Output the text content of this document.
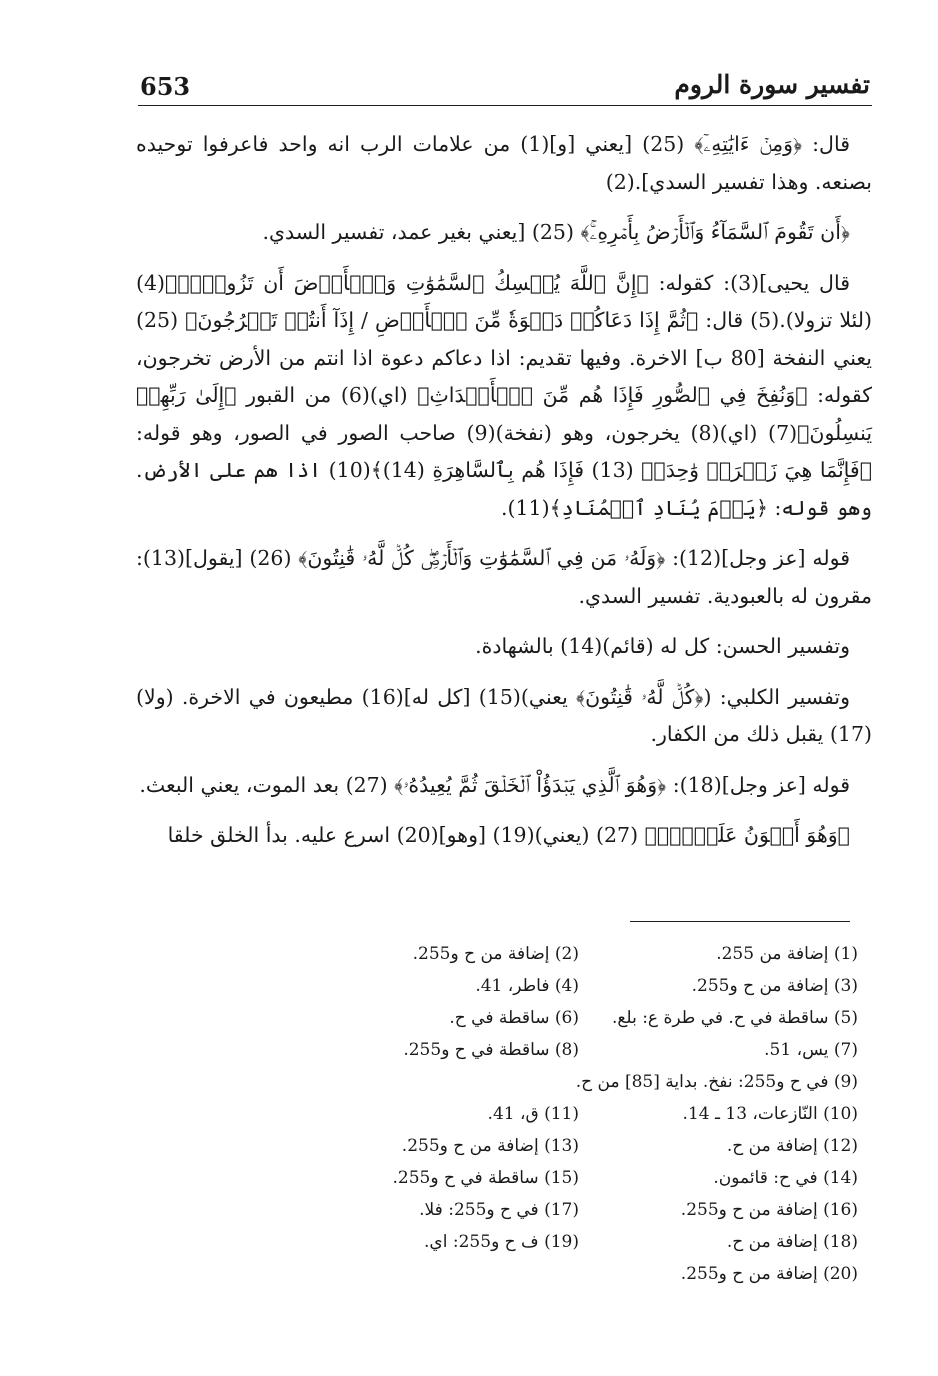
653	تفسير سورة الروم

قال: ﴿وَمِنۡ ءَايَٰتِهِۦٓ﴾ (25) [يعني [و](1) من علامات الرب انه واحد فاعرفوا توحيده بصنعه. وهذا تفسير السدي].(2)

﴿أَن تَقُومَ ٱلسَّمَآءُ وَٱلۡأَرۡضُ بِأَمۡرِهِۦۚ﴾ (25) [يعني بغير عمد، تفسير السدي.

قال يحيى](3): كقوله: ﴿إِنَّ ٱللَّهَ يُمۡسِكُ ٱلسَّمَٰوَٰتِ وَٱلۡأَرۡضَ أَن تَزُولَاۚ﴾(4) (لئلا تزولا).(5) قال: ﴿ثُمَّ إِذَا دَعَاكُمۡ دَعۡوَةٗ مِّنَ ٱلۡأَرۡضِ / إِذَآ أَنتُمۡ تَخۡرُجُونَ﴾ (25) يعني النفخة [80 ب] الاخرة. وفيها تقديم: اذا دعاكم دعوة اذا انتم من الأرض تخرجون، كقوله: ﴿وَنُفِخَ فِي ٱلصُّورِ فَإِذَا هُم مِّنَ ٱلۡأَجۡدَاثِ﴾ (اي)(6) من القبور ﴿إِلَىٰ رَبِّهِمۡ يَنسِلُونَ﴾(7) (اي)(8) يخرجون، وهو (نفخة)(9) صاحب الصور في الصور، وهو قوله: ﴿فَإِنَّمَا هِيَ زَجۡرَةٞ وَٰحِدَةٞ (13) فَإِذَا هُم بِٱلسَّاهِرَةِ (14)﴾(10) اذا هم على الأرض. وهو قوله: ﴿يَوۡمَ يُنَادِ ٱلۡمُنَادِ﴾(11).

قوله [عز وجل](12): ﴿وَلَهُۥ مَن فِي ٱلسَّمَٰوَٰتِ وَٱلۡأَرۡضِۖ كُلّٞ لَّهُۥ قَٰنِتُونَ﴾ (26) [يقول](13): مقرون له بالعبودية. تفسير السدي.

وتفسير الحسن: كل له (قائم)(14) بالشهادة.

وتفسير الكلبي: (﴿كُلّٞ لَّهُۥ قَٰنِتُونَ﴾ يعني)(15) [كل له](16) مطيعون في الاخرة. (ولا)(17) يقبل ذلك من الكفار.

قوله [عز وجل](18): ﴿وَهُوَ ٱلَّذِي يَبۡدَؤُاْ ٱلۡخَلۡقَ ثُمَّ يُعِيدُهُۥ﴾ (27) بعد الموت، يعني البعث.

﴿وَهُوَ أَهۡوَنُ عَلَيۡهِۚ﴾ (27) (يعني)(19) [وهو](20) اسرع عليه. بدأ الخلق خلقا

(1) إضافة من 255.
(2) إضافة من ح و255.
(3) إضافة من ح و255.
(4) فاطر، 41.
(5) ساقطة في ح. في طرة ع: بلع.
(6) ساقطة في ح.
(7) يس، 51.
(8) ساقطة في ح و255.
(9) في ح و255: نفخ. بداية [85] من ح.
(10) النّازعات، 13 ـ 14.
(11) ق، 41.
(12) إضافة من ح.
(13) إضافة من ح و255.
(14) في ح: قائمون.
(15) ساقطة في ح و255.
(16) إضافة من ح و255.
(17) في ح و255: فلا.
(18) إضافة من ح.
(19) ف ح و255: اي.
(20) إضافة من ح و255.
